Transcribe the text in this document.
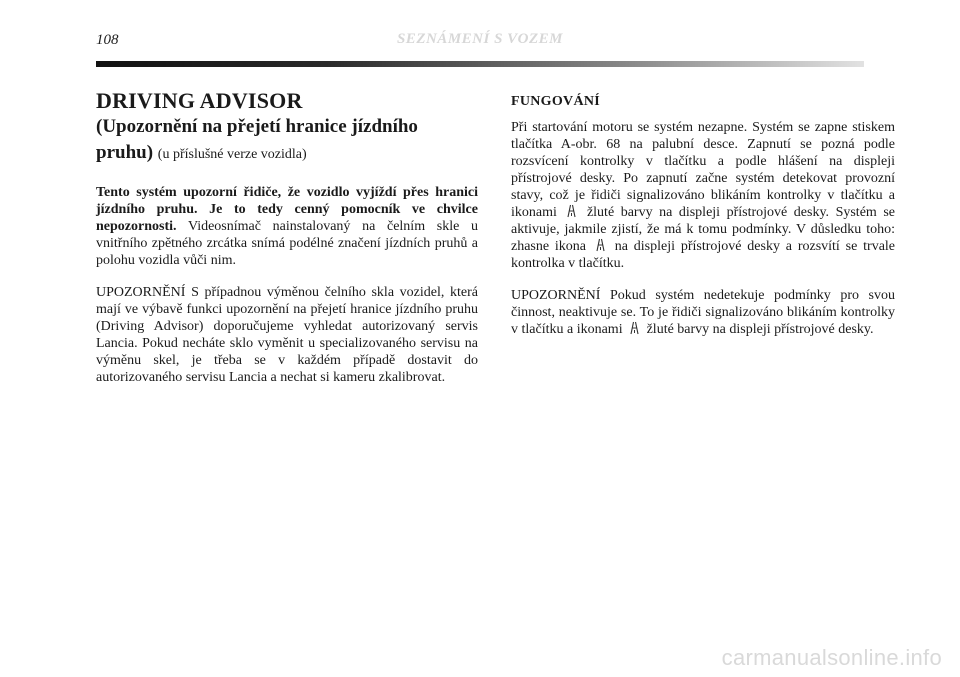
108	SEZNÁMENÍ S VOZEM
DRIVING ADVISOR
(Upozornění na přejetí hranice jízdního
pruhu) (u příslušné verze vozidla)

Tento systém upozorní řidiče, že vozidlo vyjíždí přes hranici jízdního pruhu. Je to tedy cenný pomocník ve chvilce nepozornosti. Videosnímač nainstalovaný na čelním skle u vnitřního zpětného zrcátka snímá podélné značení jízdních pruhů a polohu vozidla vůči nim.

UPOZORNĚNÍ S případnou výměnou čelního skla vozidel, která mají ve výbavě funkci upozornění na přejetí hranice jízdního pruhu (Driving Advisor) doporučujeme vyhledat autorizovaný servis Lancia. Pokud necháte sklo vyměnit u specializovaného servisu na výměnu skel, je třeba se v každém případě dostavit do autorizovaného servisu Lancia a nechat si kameru zkalibrovat.

FUNGOVÁNÍ

Při startování motoru se systém nezapne. Systém se zapne stiskem tlačítka A-obr. 68 na palubní desce. Zapnutí se pozná podle rozsvícení kontrolky v tlačítku a podle hlášení na displeji přístrojové desky. Po zapnutí začne systém detekovat provozní stavy, což je řidiči signalizováno blikáním kontrolky v tlačítku a ikonami žluté barvy na displeji přístrojové desky. Systém se aktivuje, jakmile zjistí, že má k tomu podmínky. V důsledku toho: zhasne ikona na displeji přístrojové desky a rozsvítí se trvale kontrolka v tlačítku.

UPOZORNĚNÍ Pokud systém nedetekuje podmínky pro svou činnost, neaktivuje se. To je řidiči signalizováno blikáním kontrolky v tlačítku a ikonami žluté barvy na displeji přístrojové desky.

carmanualsonline.info
